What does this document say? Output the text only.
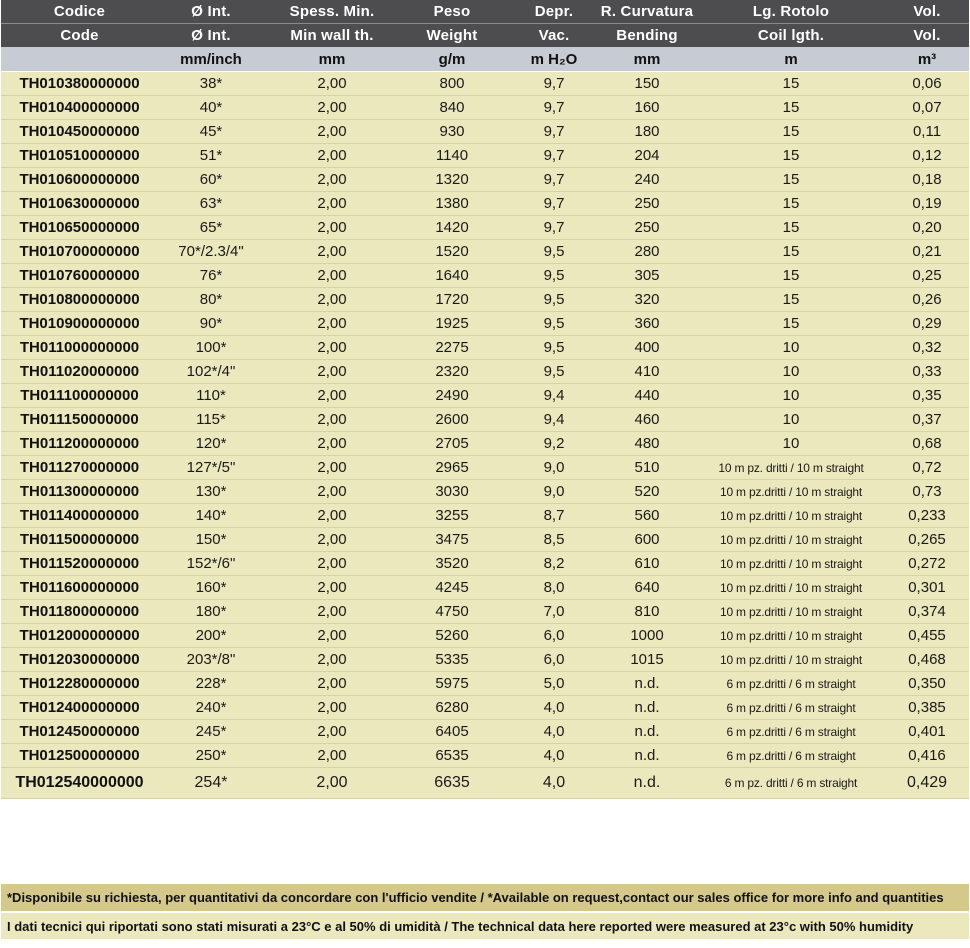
Codice	Ø Int.	Spess. Min.	Peso	Depr.	R. Curvatura	Lg. Rotolo	Vol.
Code	Ø Int.	Min wall th.	Weight	Vac.	Bending	Coil lgth.	Vol.
	mm/inch	mm	g/m	m H₂O	mm	m	m³
TH010380000000	38*	2,00	800	9,7	150	15	0,06
TH010400000000	40*	2,00	840	9,7	160	15	0,07
TH010450000000	45*	2,00	930	9,7	180	15	0,11
TH010510000000	51*	2,00	1140	9,7	204	15	0,12
TH010600000000	60*	2,00	1320	9,7	240	15	0,18
TH010630000000	63*	2,00	1380	9,7	250	15	0,19
TH010650000000	65*	2,00	1420	9,7	250	15	0,20
TH010700000000	70*/2.3/4"	2,00	1520	9,5	280	15	0,21
TH010760000000	76*	2,00	1640	9,5	305	15	0,25
TH010800000000	80*	2,00	1720	9,5	320	15	0,26
TH010900000000	90*	2,00	1925	9,5	360	15	0,29
TH011000000000	100*	2,00	2275	9,5	400	10	0,32
TH011020000000	102*/4"	2,00	2320	9,5	410	10	0,33
TH011100000000	110*	2,00	2490	9,4	440	10	0,35
TH011150000000	115*	2,00	2600	9,4	460	10	0,37
TH011200000000	120*	2,00	2705	9,2	480	10	0,68
TH011270000000	127*/5"	2,00	2965	9,0	510	10 m pz. dritti / 10 m straight	0,72
TH011300000000	130*	2,00	3030	9,0	520	10 m pz.dritti / 10 m straight	0,73
TH011400000000	140*	2,00	3255	8,7	560	10 m pz.dritti / 10 m straight	0,233
TH011500000000	150*	2,00	3475	8,5	600	10 m pz.dritti / 10 m straight	0,265
TH011520000000	152*/6"	2,00	3520	8,2	610	10 m pz.dritti / 10 m straight	0,272
TH011600000000	160*	2,00	4245	8,0	640	10 m pz.dritti / 10 m straight	0,301
TH011800000000	180*	2,00	4750	7,0	810	10 m pz.dritti / 10 m straight	0,374
TH012000000000	200*	2,00	5260	6,0	1000	10 m pz.dritti / 10 m straight	0,455
TH012030000000	203*/8"	2,00	5335	6,0	1015	10 m pz.dritti / 10 m straight	0,468
TH012280000000	228*	2,00	5975	5,0	n.d.	6 m pz.dritti / 6 m straight	0,350
TH012400000000	240*	2,00	6280	4,0	n.d.	6 m pz.dritti / 6 m straight	0,385
TH012450000000	245*	2,00	6405	4,0	n.d.	6 m pz.dritti / 6 m straight	0,401
TH012500000000	250*	2,00	6535	4,0	n.d.	6 m pz.dritti / 6 m straight	0,416
TH012540000000	254*	2,00	6635	4,0	n.d.	6 m pz. dritti / 6 m straight	0,429
*Disponibile su richiesta, per quantitativi da concordare con l'ufficio vendite / *Available on request,contact our sales office for more info and quantities
I dati tecnici qui riportati sono stati misurati a 23°C e al 50% di umidità / The technical data here reported were measured at 23°c with 50% humidity
